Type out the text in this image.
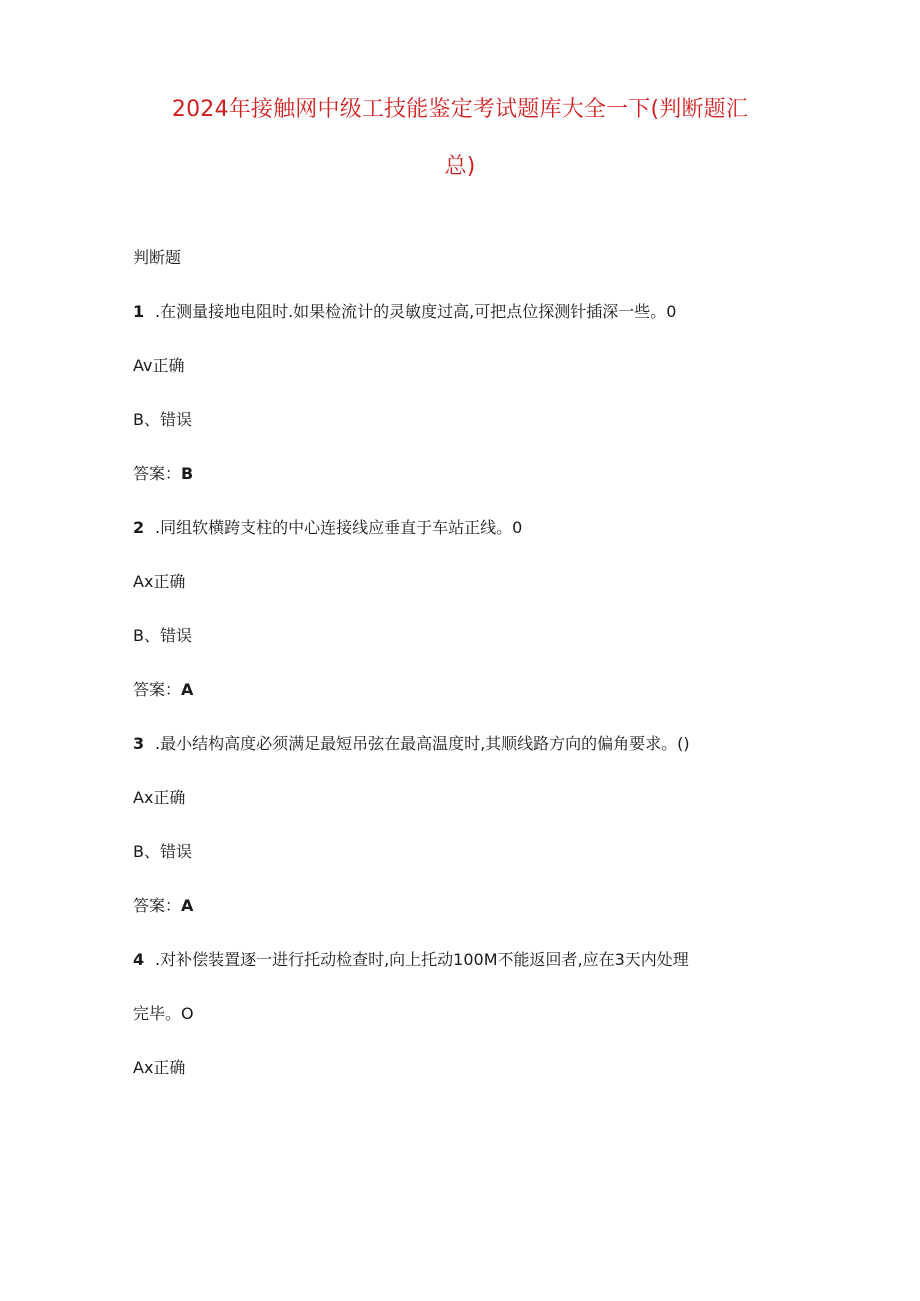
2024年接触网中级工技能鉴定考试题库大全一下(判断题汇
总)
判断题
1 .在测量接地电阻时.如果检流计的灵敏度过高,可把点位探测针插深一些。0
Av正确
B、错误
答案：B
2 .同组软横跨支柱的中心连接线应垂直于车站正线。0
Ax正确
B、错误
答案：A
3 .最小结构高度必须满足最短吊弦在最高温度时,其顺线路方向的偏角要求。()
Ax正确
B、错误
答案：A
4 .对补偿装置逐一进行托动检查时,向上托动100M不能返回者,应在3天内处理
完毕。O
Ax正确
